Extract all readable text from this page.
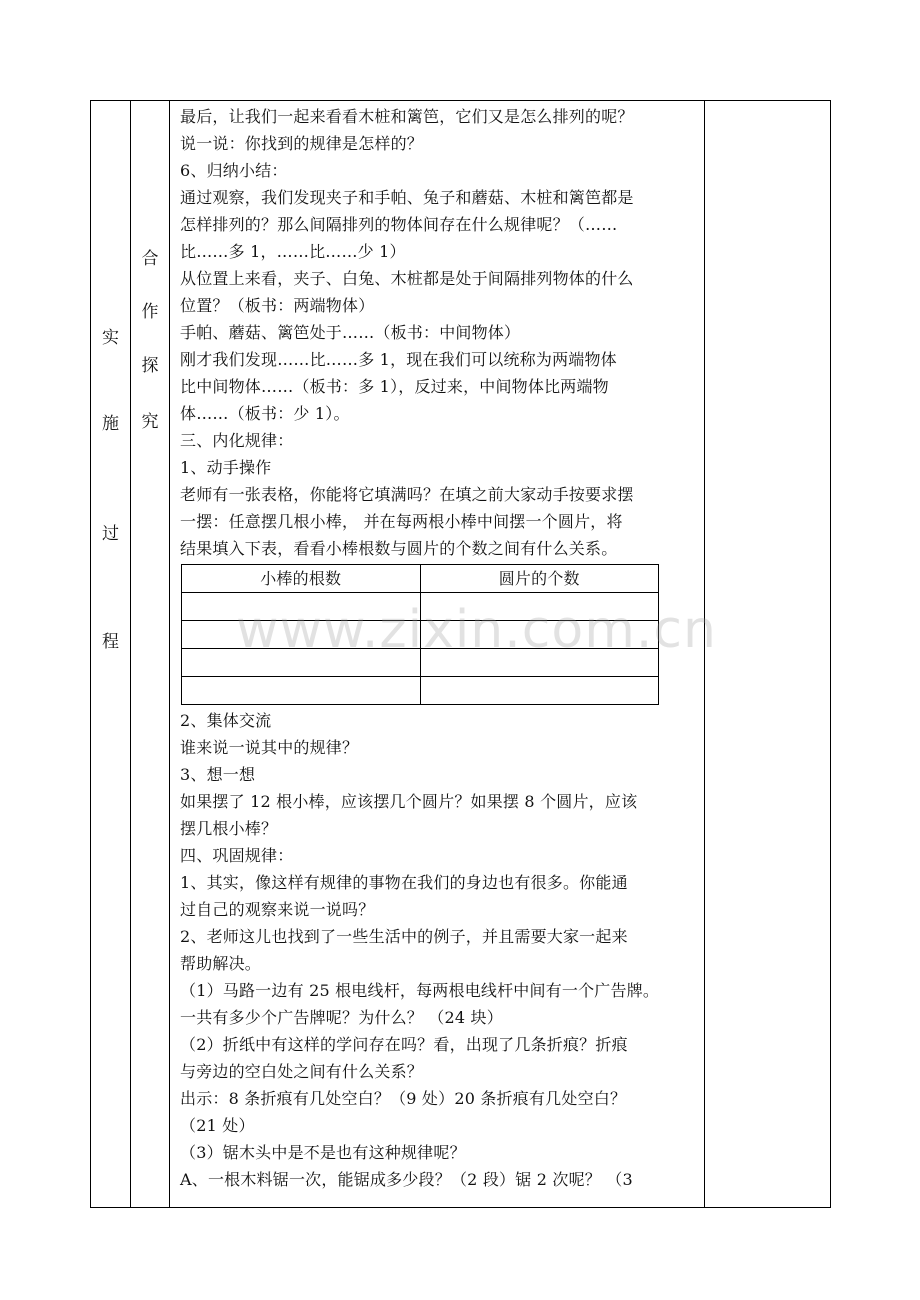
实
施
过
程
合
作
探
究

最后，让我们一起来看看木桩和篱笆，它们又是怎么排列的呢？

说一说：你找到的规律是怎样的？

6、归纳小结：

通过观察，我们发现夹子和手帕、兔子和蘑菇、木桩和篱笆都是

怎样排列的？那么间隔排列的物体间存在什么规律呢？（……

比……多 1，……比……少 1）

从位置上来看，夹子、白兔、木桩都是处于间隔排列物体的什么

位置？（板书：两端物体）

手帕、蘑菇、篱笆处于……（板书：中间物体）

刚才我们发现……比……多 1，现在我们可以统称为两端物体

比中间物体……（板书：多 1），反过来，中间物体比两端物

体……（板书：少 1）。

三、内化规律：

1、动手操作

老师有一张表格，你能将它填满吗？在填之前大家动手按要求摆

一摆：任意摆几根小棒， 并在每两根小棒中间摆一个圆片，将

结果填入下表，看看小棒根数与圆片的个数之间有什么关系。

小棒的根数	圆片的个数

2、集体交流

谁来说一说其中的规律？

3、想一想

如果摆了 12 根小棒，应该摆几个圆片？如果摆 8 个圆片，应该

摆几根小棒？

四、巩固规律：

1、其实，像这样有规律的事物在我们的身边也有很多。你能通

过自己的观察来说一说吗？

2、老师这儿也找到了一些生活中的例子，并且需要大家一起来

帮助解决。

（1）马路一边有 25 根电线杆，每两根电线杆中间有一个广告牌。

一共有多少个广告牌呢？为什么？ （24 块）

（2）折纸中有这样的学问存在吗？看，出现了几条折痕？折痕

与旁边的空白处之间有什么关系？

出示：8 条折痕有几处空白？（9 处）20 条折痕有几处空白？

（21 处）

（3）锯木头中是不是也有这种规律呢？

A、一根木料锯一次，能锯成多少段？（2 段）锯 2 次呢？ （3

www.zixin.com.cn
